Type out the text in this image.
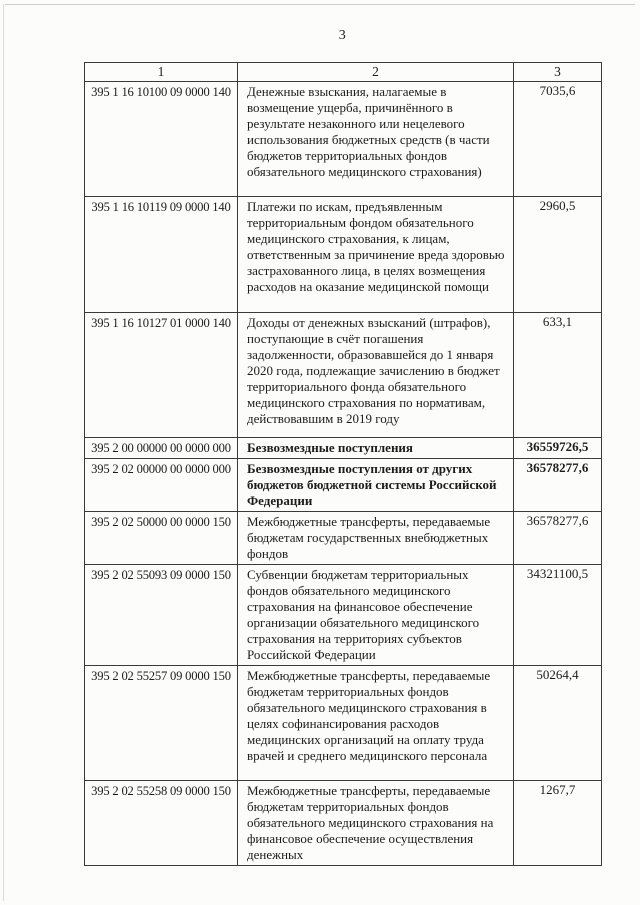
3
1	2	3
395 1 16 10100 09 0000 140	Денежные взыскания, налагаемые в возмещение ущерба, причинённого в результате незаконного или нецелевого использования бюджетных средств (в части бюджетов территориальных фондов обязательного медицинского страхования)	7035,6
395 1 16 10119 09 0000 140	Платежи по искам, предъявленным территориальным фондом обязательного медицинского страхования, к лицам, ответственным за причинение вреда здоровью застрахованного лица, в целях возмещения расходов на оказание медицинской помощи	2960,5
395 1 16 10127 01 0000 140	Доходы от денежных взысканий (штрафов), поступающие в счёт погашения задолженности, образовавшейся до 1 января 2020 года, подлежащие зачислению в бюджет территориального фонда обязательного медицинского страхования по нормативам, действовавшим в 2019 году	633,1
395 2 00 00000 00 0000 000	Безвозмездные поступления	36559726,5
395 2 02 00000 00 0000 000	Безвозмездные поступления от других бюджетов бюджетной системы Российской Федерации	36578277,6
395 2 02 50000 00 0000 150	Межбюджетные трансферты, передаваемые бюджетам государственных внебюджетных фондов	36578277,6
395 2 02 55093 09 0000 150	Субвенции бюджетам территориальных фондов обязательного медицинского страхования на финансовое обеспечение организации обязательного медицинского страхования на территориях субъектов Российской Федерации	34321100,5
395 2 02 55257 09 0000 150	Межбюджетные трансферты, передаваемые бюджетам территориальных фондов обязательного медицинского страхования в целях софинансирования расходов медицинских организаций на оплату труда врачей и среднего медицинского персонала	50264,4
395 2 02 55258 09 0000 150	Межбюджетные трансферты, передаваемые бюджетам территориальных фондов обязательного медицинского страхования на финансовое обеспечение осуществления денежных	1267,7
